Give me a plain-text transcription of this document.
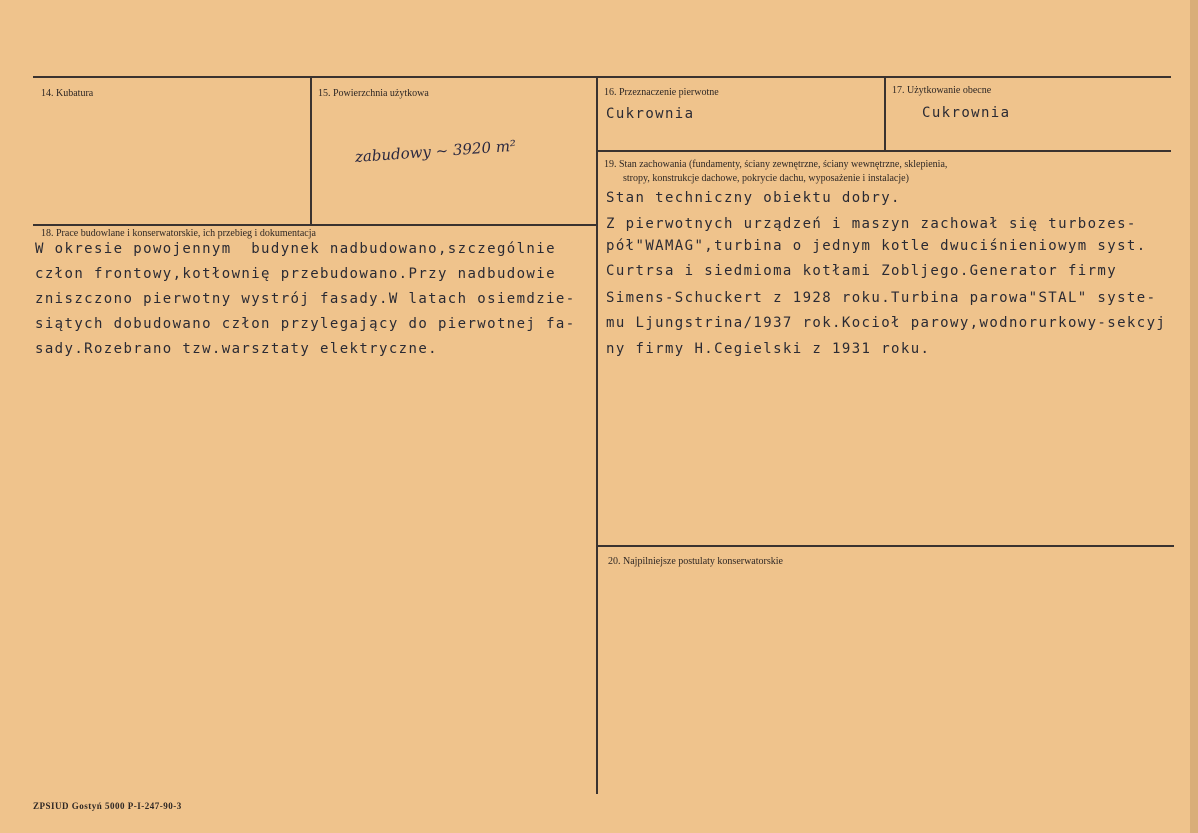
14. Kubatura	15. Powierzchnia użytkowa
zabudowy ~ 3920 m²
16. Przeznaczenie pierwotne
Cukrownia
17. Użytkowanie obecne
Cukrownia
19. Stan zachowania (fundamenty, ściany zewnętrzne, ściany wewnętrzne, sklepienia,
stropy, konstrukcje dachowe, pokrycie dachu, wyposażenie i instalacje)
Stan techniczny obiektu dobry.
Z pierwotnych urządzeń i maszyn zachował się turbozes-
pół"WAMAG",turbina o jednym kotle dwuciśnieniowym syst.
Curtrsa i siedmioma kotłami Zobljego.Generator firmy
Simens-Schuckert z 1928 roku.Turbina parowa"STAL" syste-
mu Ljungstrina/1937 rok.Kocioł parowy,wodnorurkowy-sekcyj
ny firmy H.Cegielski z 1931 roku.
18. Prace budowlane i konserwatorskie, ich przebieg i dokumentacja
W okresie powojennym  budynek nadbudowano,szczególnie
człon frontowy,kotłownię przebudowano.Przy nadbudowie
zniszczono pierwotny wystrój fasady.W latach osiemdzie-
siątych dobudowano człon przylegający do pierwotnej fa-
sady.Rozebrano tzw.warsztaty elektryczne.
20. Najpilniejsze postulaty konserwatorskie
ZPSIUD Gostyń 5000 P-I-247-90-3
